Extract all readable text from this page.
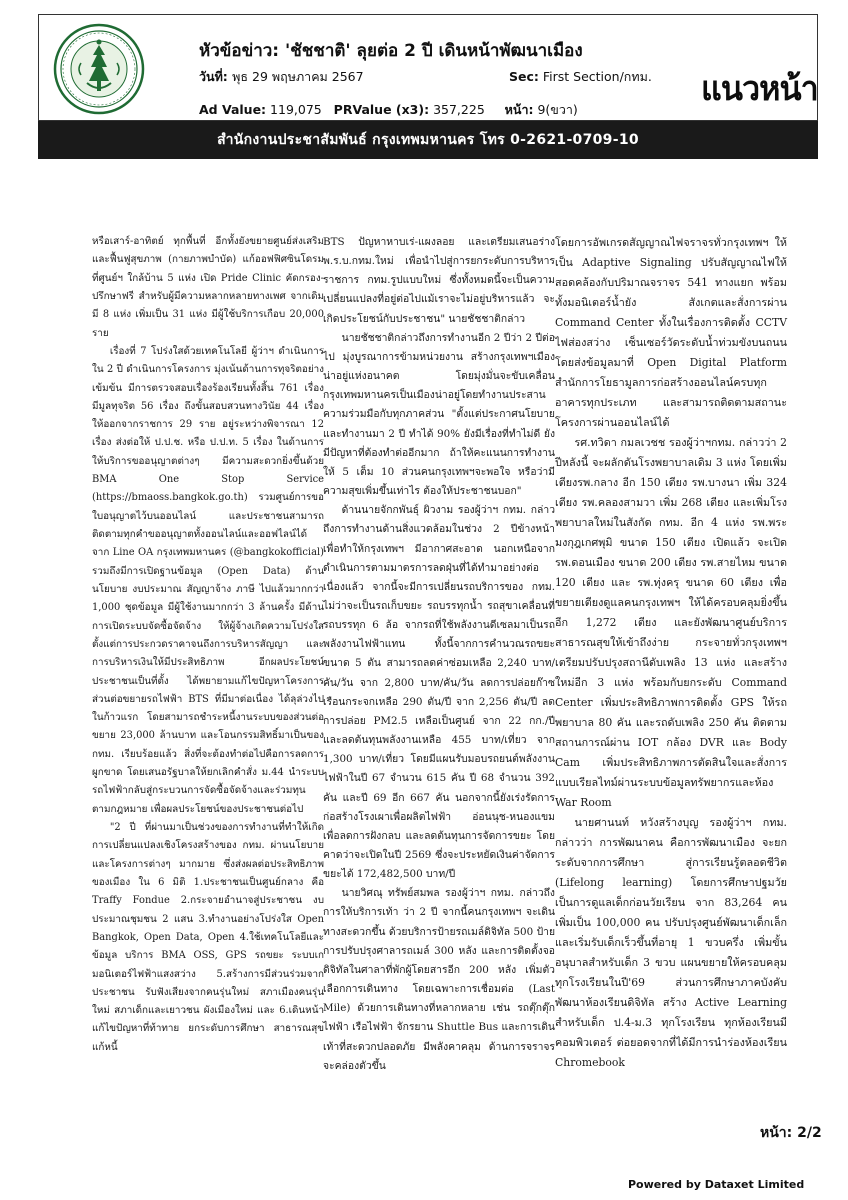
หัวข้อข่าว: 'ชัชชาติ' ลุยต่อ 2 ปี เดินหน้าพัฒนาเมือง
วันที่: พุธ 29 พฤษภาคม 2567	Sec: First Section/กทม.
Ad Value: 119,075 PRValue (x3): 357,225 หน้า: 9(ขวา)
แนวหน้า
สำนักงานประชาสัมพันธ์ กรุงเทพมหานคร โทร 0-2621-0709-10

หรือเสาร์-อาทิตย์ ทุกพื้นที่ อีกทั้งยังขยายศูนย์ส่งเสริมและฟื้นฟูสุขภาพ (กายภาพบำบัด) แก้ออฟฟิศซินโดรม ที่ศูนย์ฯ ใกล้บ้าน 5 แห่ง เปิด Pride Clinic คัดกรอง-ปรึกษาฟรี สำหรับผู้มีความหลากหลายทางเพศ จากเดิมมี 8 แห่ง เพิ่มเป็น 31 แห่ง มีผู้ใช้บริการเกือบ 20,000 ราย

เรื่องที่ 7 โปร่งใสด้วยเทคโนโลยี ผู้ว่าฯ ดำเนินการใน 2 ปี ดำเนินการโครงการ มุ่งเน้นด้านการทุจริตอย่างเข้มข้น มีการตรวจสอบเรื่องร้องเรียนทั้งสิ้น 761 เรื่อง มีมูลทุจริต 56 เรื่อง ถึงขั้นสอบสวนทางวินัย 44 เรื่อง ให้ออกจากราชการ 29 ราย อยู่ระหว่างพิจารณา 12 เรื่อง ส่งต่อให้ ป.ป.ช. หรือ ป.ป.ท. 5 เรื่อง ในด้านการให้บริการขออนุญาตต่างๆ มีความสะดวกยิ่งขึ้นด้วย BMA One Stop Service (https://bmaoss.bangkok.go.th) รวมศูนย์การขอใบอนุญาตไว้บนออนไลน์ และประชาชนสามารถติดตามทุกคำขออนุญาตทั้งออนไลน์และออฟไลน์ได้จาก Line OA กรุงเทพมหานคร (@bangkokofficial) รวมถึงมีการเปิดฐานข้อมูล (Open Data) ด้านนโยบาย งบประมาณ สัญญาจ้าง ภาษี ไปแล้วมากกว่า 1,000 ชุดข้อมูล มีผู้ใช้งานมากกว่า 3 ล้านครั้ง มีด้านการเปิดระบบจัดซื้อจัดจ้าง ให้ผู้จ้างเกิดความโปร่งใสตั้งแต่การประกวดราคาจนถึงการบริหารสัญญา และการบริหารเงินให้มีประสิทธิภาพ อีกผลประโยชน์ประชาชนเป็นที่ตั้ง ได้พยายามแก้ไขปัญหาโครงการส่วนต่อขยายรถไฟฟ้า BTS ที่มีมาต่อเนื่อง ได้ลุล่วงไปในก้าวแรก โดยสามารถชำระหนี้งานระบบของส่วนต่อขยาย 23,000 ล้านบาท และโอนกรรมสิทธิ์มาเป็นของ กทม. เรียบร้อยแล้ว สิ่งที่จะต้องทำต่อไปคือการลดการผูกขาด โดยเสนอรัฐบาลให้ยกเลิกคำสั่ง ม.44 นำระบบรถไฟฟ้ากลับสู่กระบวนการจัดซื้อจัดจ้างและร่วมทุนตามกฎหมาย เพื่อผลประโยชน์ของประชาชนต่อไป

"2 ปี ที่ผ่านมาเป็นช่วงของการทำงานที่ทำให้เกิดการเปลี่ยนแปลงเชิงโครงสร้างของ กทม. ผ่านนโยบายและโครงการต่างๆ มากมาย ซึ่งส่งผลต่อประสิทธิภาพของเมือง ใน 6 มิติ 1.ประชาชนเป็นศูนย์กลาง คือ Traffy Fondue 2.กระจายอำนาจสู่ประชาชน งบประมาณชุมชน 2 แสน 3.ทำงานอย่างโปร่งใส Open Bangkok, Open Data, Open 4.ใช้เทคโนโลยีและข้อมูล บริการ BMA OSS, GPS รถขยะ ระบบเกมอนิเตอร์ไฟฟ้าแสงสว่าง 5.สร้างการมีส่วนร่วมจากประชาชน รับฟังเสียงจากคนรุ่นใหม่ สภาเมืองคนรุ่นใหม่ สภาเด็กและเยาวชน ผังเมืองใหม่ และ 6.เดินหน้าแก้ไขปัญหาที่ท้าทาย ยกระดับการศึกษา สาธารณสุข แก้หนี้

BTS ปัญหาหาบเร่-แผงลอย และเตรียมเสนอร่าง พ.ร.บ.กทม.ใหม่ เพื่อนำไปสู่การยกระดับการบริหารราชการ กทม.รูปแบบใหม่ ซึ่งทั้งหมดนี้จะเป็นความเปลี่ยนแปลงที่อยู่ต่อไปแม้เราจะไม่อยู่บริหารแล้ว จะเกิดประโยชน์กับประชาชน" นายชัชชาติกล่าว

นายชัชชาติกล่าวถึงการทำงานอีก 2 ปีว่า 2 ปีต่อไป มุ่งบูรณาการข้ามหน่วยงาน สร้างกรุงเทพฯเมืองน่าอยู่แห่งอนาคต โดยมุ่งมั่นจะขับเคลื่อนกรุงเทพมหานครเป็นเมืองน่าอยู่โดยทำงานประสานความร่วมมือกับทุกภาคส่วน "ตั้งแต่ประกาศนโยบายและทำงานมา 2 ปี ทำได้ 90% ยังมีเรื่องที่ทำไม่ดี ยังมีปัญหาที่ต้องทำต่ออีกมาก ถ้าให้คะแนนการทำงาน ให้ 5 เต็ม 10 ส่วนคนกรุงเทพฯจะพอใจ หรือว่ามีความสุขเพิ่มขึ้นเท่าไร ต้องให้ประชาชนบอก"

ด้านนายจักกพันธุ์ ผิวงาม รองผู้ว่าฯ กทม. กล่าวถึงการทำงานด้านสิ่งแวดล้อมในช่วง 2 ปีข้างหน้า เพื่อทำให้กรุงเทพฯ มีอากาศสะอาด นอกเหนือจากดำเนินการตามมาตรการลดฝุ่นที่ได้ทำมาอย่างต่อเนื่องแล้ว จากนี้จะมีการเปลี่ยนรถบริการของ กทม. ไม่ว่าจะเป็นรถเก็บขยะ รถบรรทุกน้ำ รถสุขาเคลื่อนที่ รถบรรทุก 6 ล้อ จากรถที่ใช้พลังงานดีเซลมาเป็นรถพลังงานไฟฟ้าแทน ทั้งนี้จากการคำนวณรถขยะขนาด 5 ตัน สามารถลดค่าซ่อมเหลือ 2,240 บาท/คัน/วัน จาก 2,800 บาท/คัน/วัน ลดการปล่อยก๊าซเรือนกระจกเหลือ 290 ตัน/ปี จาก 2,256 ตัน/ปี ลดการปล่อย PM2.5 เหลือเป็นศูนย์ จาก 22 กก./ปี และลดต้นทุนพลังงานเหลือ 455 บาท/เที่ยว จาก 1,300 บาท/เที่ยว โดยมีแผนรับมอบรถยนต์พลังงานไฟฟ้าในปี 67 จำนวน 615 คัน ปี 68 จำนวน 392 คัน และปี 69 อีก 667 คัน นอกจากนี้ยังเร่งรัดการก่อสร้างโรงเผาเพื่อผลิตไฟฟ้า อ่อนนุช-หนองแขม เพื่อลดการฝังกลบ และลดต้นทุนการจัดการขยะ โดยคาดว่าจะเปิดในปี 2569 ซึ่งจะประหยัดเงินค่าจัดการขยะได้ 172,482,500 บาท/ปี

นายวิศณุ ทรัพย์สมพล รองผู้ว่าฯ กทม. กล่าวถึงการให้บริการเท้า ว่า 2 ปี จากนี้คนกรุงเทพฯ จะเดินทางสะดวกขึ้น ด้วยบริการป้ายรถเมล์ดิจิทัล 500 ป้าย การปรับปรุงศาลารถเมล์ 300 หลัง และการติดตั้งจอดิจิทัลในศาลาที่พักผู้โดยสารอีก 200 หลัง เพิ่มตัวเลือกการเดินทาง โดยเฉพาะการเชื่อมต่อ (Last Mile) ด้วยการเดินทางที่หลากหลาย เช่น รถตุ๊กตุ๊กไฟฟ้า เรือไฟฟ้า จักรยาน Shuttle Bus และการเดินเท้าที่สะดวกปลอดภัย มีพลังคาคลุม ด้านการจราจรจะคล่องตัวขึ้น

โดยการอัพเกรดสัญญาณไฟจราจรทั่วกรุงเทพฯ ให้เป็น Adaptive Signaling ปรับสัญญาณไฟให้สอดคล้องกับปริมาณจราจร 541 ทางแยก พร้อมทั้งมอนิเตอร์น้ำยัง สังเกตและสั่งการผ่าน Command Center ทั้งในเรื่องการติดตั้ง CCTV ไฟส่องสว่าง เซ็นเซอร์วัดระดับน้ำท่วมขังบนถนน โดยส่งข้อมูลมาที่ Open Digital Platform สำนักการโยธามูลการก่อสร้างออนไลน์ครบทุกอาคารทุกประเภท และสามารถติดตามสถานะโครงการผ่านออนไลน์ได้

รศ.ทวิดา กมลเวชช รองผู้ว่าฯกทม. กล่าวว่า 2 ปีหลังนี้ จะผลักดันโรงพยาบาลเดิม 3 แห่ง โดยเพิ่มเตียงรพ.กลาง อีก 150 เตียง รพ.บางนา เพิ่ม 324 เตียง รพ.คลองสามวา เพิ่ม 268 เตียง และเพิ่มโรงพยาบาลใหม่ในสังกัด กทม. อีก 4 แห่ง รพ.พระมงกุฎเกศพุมิ ขนาด 150 เตียง เปิดแล้ว จะเปิด รพ.ดอนเมือง ขนาด 200 เตียง รพ.สายไหม ขนาด 120 เตียง และ รพ.ทุ่งครุ ขนาด 60 เตียง เพื่อขยายเตียงดูแลคนกรุงเทพฯ ให้ได้ครอบคลุมยิ่งขึ้น อีก 1,272 เตียง และยังพัฒนาศูนย์บริการสาธารณสุขให้เข้าถึงง่าย กระจายทั่วกรุงเทพฯ เตรียมปรับปรุงสถานีดับเพลิง 13 แห่ง และสร้างใหม่อีก 3 แห่ง พร้อมกับยกระดับ Command Center เพิ่มประสิทธิภาพการติดตั้ง GPS ให้รถพยาบาล 80 คัน และรถดับเพลิง 250 คัน ติดตามสถานการณ์ผ่าน IOT กล้อง DVR และ Body Cam เพิ่มประสิทธิภาพการตัดสินใจและสั่งการแบบเรียลไทม์ผ่านระบบข้อมูลทรัพยากรและห้อง War Room

นายศานนท์ หวังสร้างบุญ รองผู้ว่าฯ กทม. กล่าวว่า การพัฒนาคน คือการพัฒนาเมือง จะยกระดับจากการศึกษา สู่การเรียนรู้ตลอดชีวิต (Lifelong learning) โดยการศึกษาปฐมวัยเป็นการดูแลเด็กก่อนวัยเรียน จาก 83,264 คน เพิ่มเป็น 100,000 คน ปรับปรุงศูนย์พัฒนาเด็กเล็กและเริ่มรับเด็กเร็วขึ้นที่อายุ 1 ขวบครึ่ง เพิ่มขั้นอนุบาลสำหรับเด็ก 3 ขวบ แผนขยายให้ครอบคลุมทุกโรงเรียนในปี'69 ส่วนการศึกษาภาคบังคับ พัฒนาห้องเรียนดิจิทัล สร้าง Active Learning สำหรับเด็ก ป.4-ม.3 ทุกโรงเรียน ทุกห้องเรียนมีคอมพิวเตอร์ ต่อยอดจากที่ได้มีการนำร่องห้องเรียน Chromebook

หน้า: 2/2
Powered by Dataxet Limited
